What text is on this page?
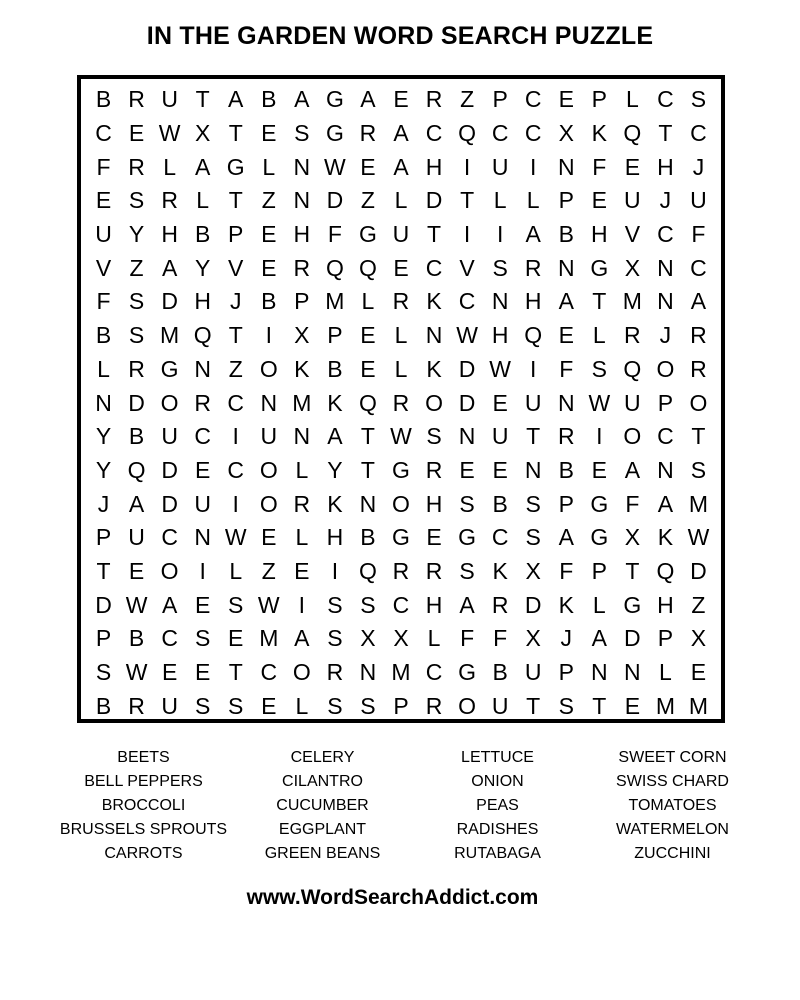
IN THE GARDEN WORD SEARCH PUZZLE
B R U T A B A G A E R Z P C E P L C S
C E W X T E S G R A C Q C C X K Q T C
F R L A G L N W E A H I U I N F E H J
E S R L T Z N D Z L D T L L P E U J U
U Y H B P E H F G U T I	I A B H V C F
V Z A Y V E R Q Q E C V S R N G X N C
F S D H J B P M L R K C N H A T M N A
B S M Q T I X P E L N W H Q E L R J R
L R G N Z O K B E L K D W I F S Q O R
N D O R C N M K Q R O D E U N W U P O
Y B U C I U N A T W S N U T R I O C T
Y Q D E C O L Y T G R E E N B E A N S
J A D U I O R K N O H S B S P G F A M
P U C N W E L H B G E G C S A G X K W
T E O I	L Z E I Q R R S K X F P T Q D
D W A E S W I S S C H A R D K L G H Z
P B C S E M A S X X L F F X J A D P X
S W E E T C O R N M C G B U P N N L E
B R U S S E L S S P R O U T S T E M M
BEETS
BELL PEPPERS
BROCCOLI
BRUSSELS SPROUTS
CARROTS
CELERY
CILANTRO
CUCUMBER
EGGPLANT
GREEN BEANS
LETTUCE
ONION
PEAS
RADISHES
RUTABAGA
SWEET CORN
SWISS CHARD
TOMATOES
WATERMELON
ZUCCHINI
www.WordSearchAddict.com
